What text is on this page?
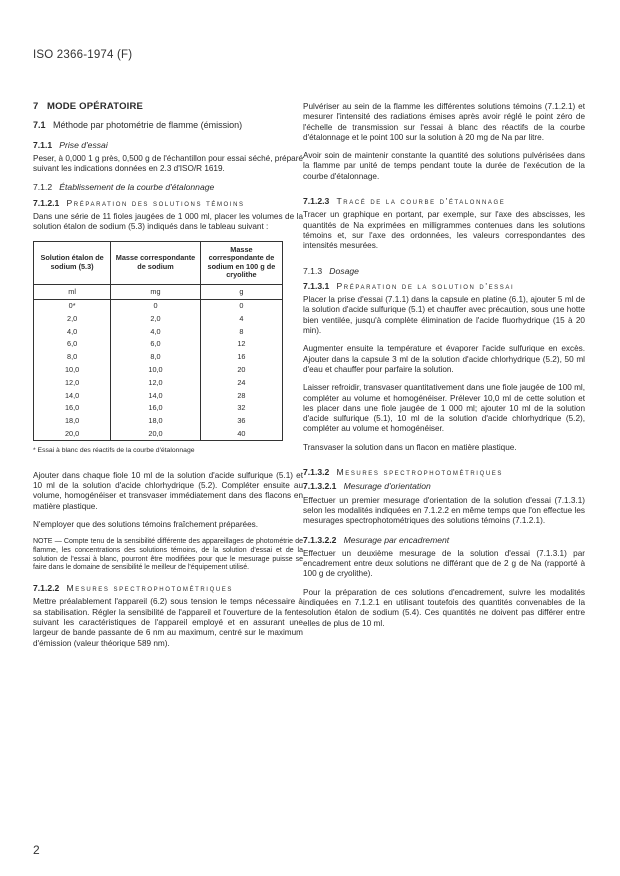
ISO 2366-1974 (F)
7 MODE OPÉRATOIRE
7.1 Méthode par photométrie de flamme (émission)
7.1.1 Prise d'essai

Peser, à 0,000 1 g près, 0,500 g de l'échantillon pour essai séché, préparé suivant les indications données en 2.3 d'ISO/R 1619.

7.1.2 Établissement de la courbe d'étalonnage
7.1.2.1 Préparation des solutions témoins

Dans une série de 11 fioles jaugées de 1 000 ml, placer les volumes de la solution étalon de sodium (5.3) indiqués dans le tableau suivant :

Solution étalon de sodium (5.3)	Masse correspondante de sodium	Masse correspondante de sodium en 100 g de cryolithe
ml	mg	g
0*	0	0
2,0	2,0	4
4,0	4,0	8
6,0	6,0	12
8,0	8,0	16
10,0	10,0	20
12,0	12,0	24
14,0	14,0	28
16,0	16,0	32
18,0	18,0	36
20,0	20,0	40
* Essai à blanc des réactifs de la courbe d'étalonnage

Ajouter dans chaque fiole 10 ml de la solution d'acide sulfurique (5.1) et 10 ml de la solution d'acide chlorhydrique (5.2). Compléter ensuite au volume, homogénéiser et transvaser immédiatement dans des flacons en matière plastique.

N'employer que des solutions témoins fraîchement préparées.

NOTE — Compte tenu de la sensibilité différente des appareillages de photométrie de flamme, les concentrations des solutions témoins, de la solution d'essai et de la solution de l'essai à blanc, pourront être modifiées pour que le mesurage puisse se faire dans le domaine de sensibilité le meilleur de l'équipement utilisé.
7.1.2.2 Mesures spectrophotométriques

Mettre préalablement l'appareil (6.2) sous tension le temps nécessaire à sa stabilisation. Régler la sensibilité de l'appareil et l'ouverture de la fente suivant les caractéristiques de l'appareil employé et en assurant une largeur de bande passante de 6 nm au maximum, centré sur le maximum d'émission (valeur théorique 589 nm).

Pulvériser au sein de la flamme les différentes solutions témoins (7.1.2.1) et mesurer l'intensité des radiations émises après avoir réglé le point zéro de l'échelle de transmission sur l'essai à blanc des réactifs de la courbe d'étalonnage et le point 100 sur la solution à 20 mg de Na par litre.

Avoir soin de maintenir constante la quantité des solutions pulvérisées dans la flamme par unité de temps pendant toute la durée de l'exécution de la courbe d'étalonnage.

7.1.2.3 Tracé de la courbe d'étalonnage

Tracer un graphique en portant, par exemple, sur l'axe des abscisses, les quantités de Na exprimées en milligrammes contenues dans les solutions témoins et, sur l'axe des ordonnées, les valeurs correspondantes des intensités mesurées.

7.1.3 Dosage
7.1.3.1 Préparation de la solution d'essai

Placer la prise d'essai (7.1.1) dans la capsule en platine (6.1), ajouter 5 ml de la solution d'acide sulfurique (5.1) et chauffer avec précaution, sous une hotte bien ventilée, jusqu'à complète élimination de l'acide fluorhydrique (15 à 20 min).

Augmenter ensuite la température et évaporer l'acide sulfurique en excès. Ajouter dans la capsule 3 ml de la solution d'acide chlorhydrique (5.2), 50 ml d'eau et chauffer pour parfaire la solution.

Laisser refroidir, transvaser quantitativement dans une fiole jaugée de 100 ml, compléter au volume et homogénéiser. Prélever 10,0 ml de cette solution et les placer dans une fiole jaugée de 1 000 ml; ajouter 10 ml de la solution d'acide sulfurique (5.1), 10 ml de la solution d'acide chlorhydrique (5.2), compléter au volume et homogénéiser.

Transvaser la solution dans un flacon en matière plastique.

7.1.3.2 Mesures spectrophotométriques
7.1.3.2.1 Mesurage d'orientation

Effectuer un premier mesurage d'orientation de la solution d'essai (7.1.3.1) selon les modalités indiquées en 7.1.2.2 en même temps que l'on effectue les mesurages spectrophotométriques des solutions témoins (7.1.2.1).

7.1.3.2.2 Mesurage par encadrement

Effectuer un deuxième mesurage de la solution d'essai (7.1.3.1) par encadrement entre deux solutions ne différant que de 2 g de Na (rapporté à 100 g de cryolithe).

Pour la préparation de ces solutions d'encadrement, suivre les modalités indiquées en 7.1.2.1 en utilisant toutefois des quantités convenables de la solution étalon de sodium (5.4). Ces quantités ne doivent pas différer entre elles de plus de 10 ml.

2
